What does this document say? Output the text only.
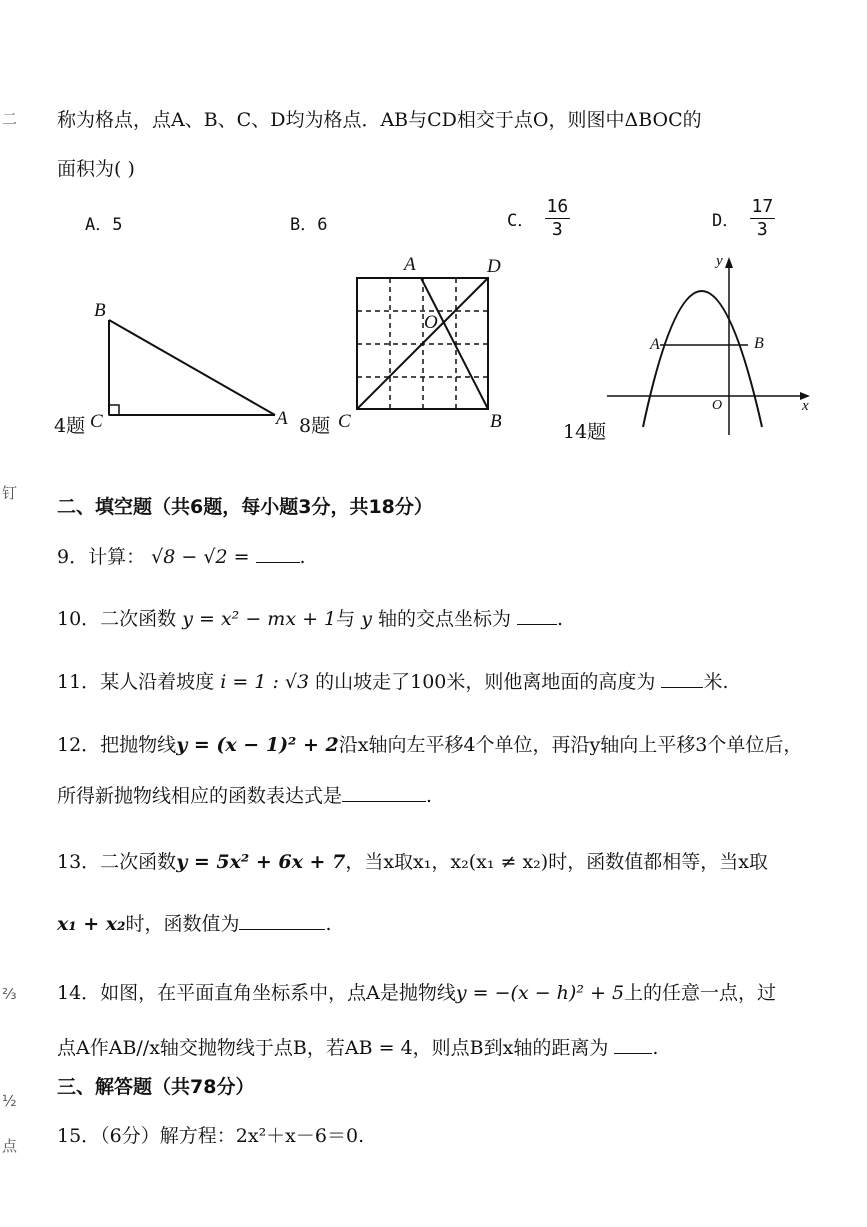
二
钉
⅔
½
点
称为格点，点A、B、C、D均为格点．AB与CD相交于点O，则图中ΔBOC的
面积为( )
A．5	B．6	C． $\frac{16}{3}$	D． $\frac{17}{3}$
B
4题 C	A
A	D
O
8题 C	B
y
A	B
O	x
14题
二、填空题（共6题，每小题3分，共18分）
9．计算： √8 − √2 =	.
10．二次函数 y = x² − mx + 1与 y 轴的交点坐标为 .
11．某人沿着坡度 i = 1 : √3 的山坡走了100米，则他离地面的高度为	米.
12．把抛物线y = (x − 1)² + 2沿x轴向左平移4个单位，再沿y轴向上平移3个单位后，
所得新抛物线相应的函数表达式是	.
13．二次函数y = 5x² + 6x + 7，当x取x₁，x₂(x₁ ≠ x₂)时，函数值都相等，当x取
x₁ + x₂时，函数值为	.
14．如图，在平面直角坐标系中，点A是抛物线y = −(x − h)² + 5上的任意一点，过
点A作AB//x轴交抛物线于点B，若AB = 4，则点B到x轴的距离为 .
三、解答题（共78分）
15．（6分）解方程：2x²＋x－6＝0.
